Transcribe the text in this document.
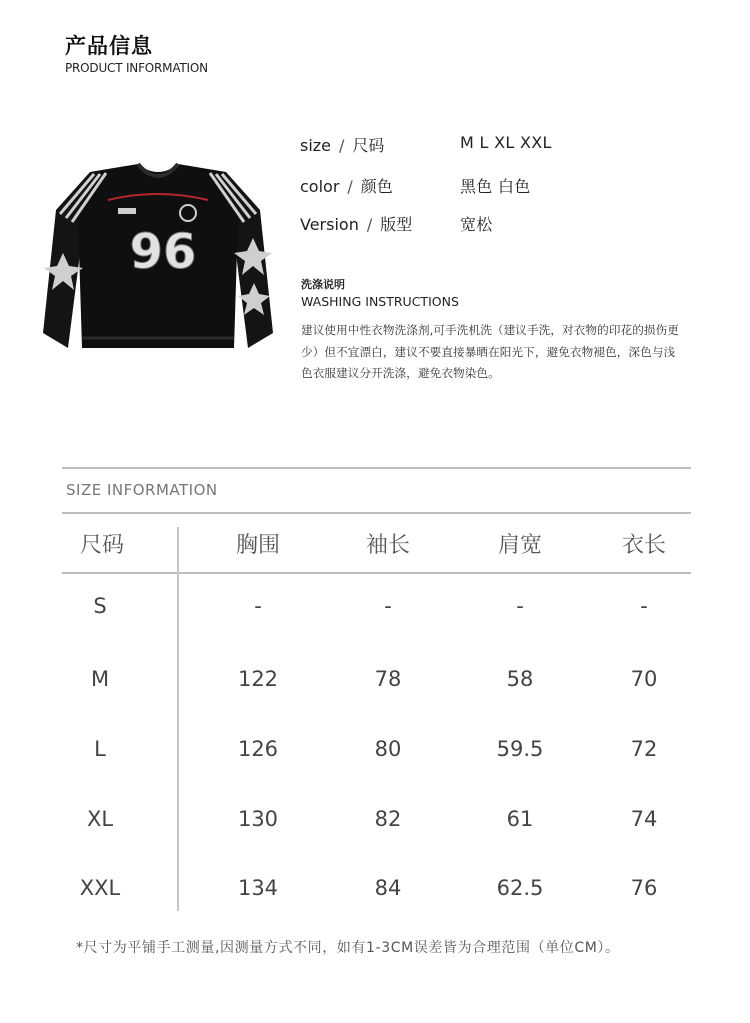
产品信息
PRODUCT INFORMATION
96
size / 尺码	M L XL XXL
color / 颜色	黑色 白色
Version / 版型	宽松
洗涤说明
WASHING INSTRUCTIONS
建议使用中性衣物洗涤剂,可手洗机洗（建议手洗，对衣物的印花的损伤更少）但不宜漂白，建议不要直接暴晒在阳光下，避免衣物褪色，深色与浅色衣服建议分开洗涤，避免衣物染色。
SIZE INFORMATION
尺码	胸围	袖长	肩宽	衣长
S	-	-	-	-
M	122	78	58	70
L	126	80	59.5	72
XL	130	82	61	74
XXL	134	84	62.5	76
*尺寸为平铺手工测量,因测量方式不同，如有1-3CM误差皆为合理范围（单位CM）。
